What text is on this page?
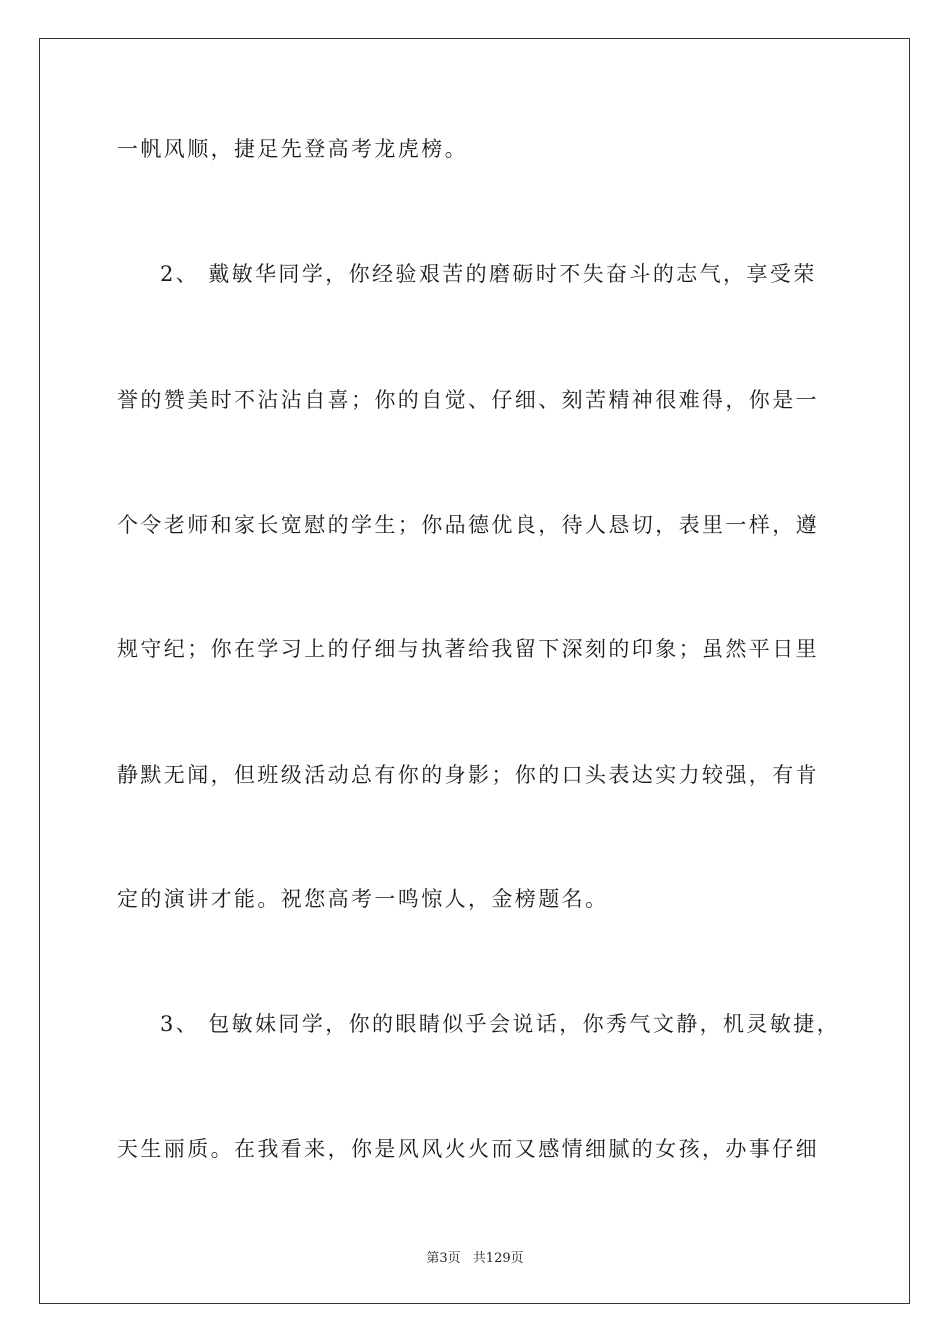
一帆风顺，捷足先登高考龙虎榜。
2、 戴敏华同学，你经验艰苦的磨砺时不失奋斗的志气，享受荣
誉的赞美时不沾沾自喜；你的自觉、仔细、刻苦精神很难得，你是一
个令老师和家长宽慰的学生；你品德优良，待人恳切，表里一样，遵
规守纪；你在学习上的仔细与执著给我留下深刻的印象；虽然平日里
静默无闻，但班级活动总有你的身影；你的口头表达实力较强，有肯
定的演讲才能。祝您高考一鸣惊人，金榜题名。
3、 包敏妹同学，你的眼睛似乎会说话，你秀气文静，机灵敏捷，
天生丽质。在我看来，你是风风火火而又感情细腻的女孩，办事仔细
第3页 共129页
